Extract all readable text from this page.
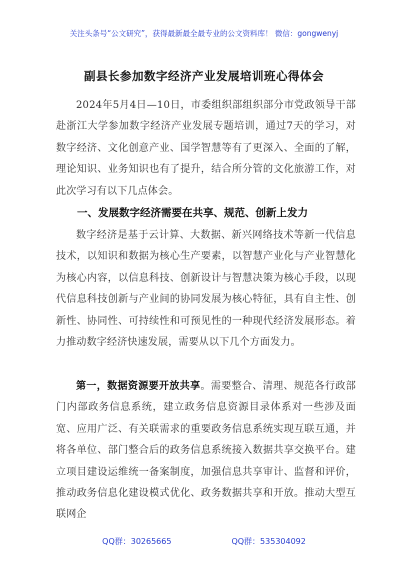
关注头条号“公文研究”，获得最新最全最专业的公文资料库！ 微信：gongwenyj
副县长参加数字经济产业发展培训班心得体会

2024年5月4日—10日，市委组织部组织部分市党政领导干部赴浙江大学参加数字经济产业发展专题培训，通过7天的学习，对数字经济、文化创意产业、国学智慧等有了更深入、全面的了解，理论知识、业务知识也有了提升，结合所分管的文化旅游工作，对此次学习有以下几点体会。

一、发展数字经济需要在共享、规范、创新上发力

数字经济是基于云计算、大数据、新兴网络技术等新一代信息技术，以知识和数据为核心生产要素，以智慧产业化与产业智慧化为核心内容，以信息科技、创新设计与智慧决策为核心手段，以现代信息科技创新与产业间的协同发展为核心特征，具有自主性、创新性、协同性、可持续性和可预见性的一种现代经济发展形态。着力推动数字经济快速发展，需要从以下几个方面发力。

第一，数据资源要开放共享。需要整合、清理、规范各行政部门内部政务信息系统，建立政务信息资源目录体系对一些涉及面宽、应用广泛、有关联需求的重要政务信息系统实现互联互通，并将各单位、部门整合后的政务信息系统接入数据共享交换平台。建立项目建设运维统一备案制度，加强信息共享审计、监督和评价，推动政务信息化建设模式优化、政务数据共享和开放。推动大型互联网企

QQ群：30265665	QQ群：535304092
